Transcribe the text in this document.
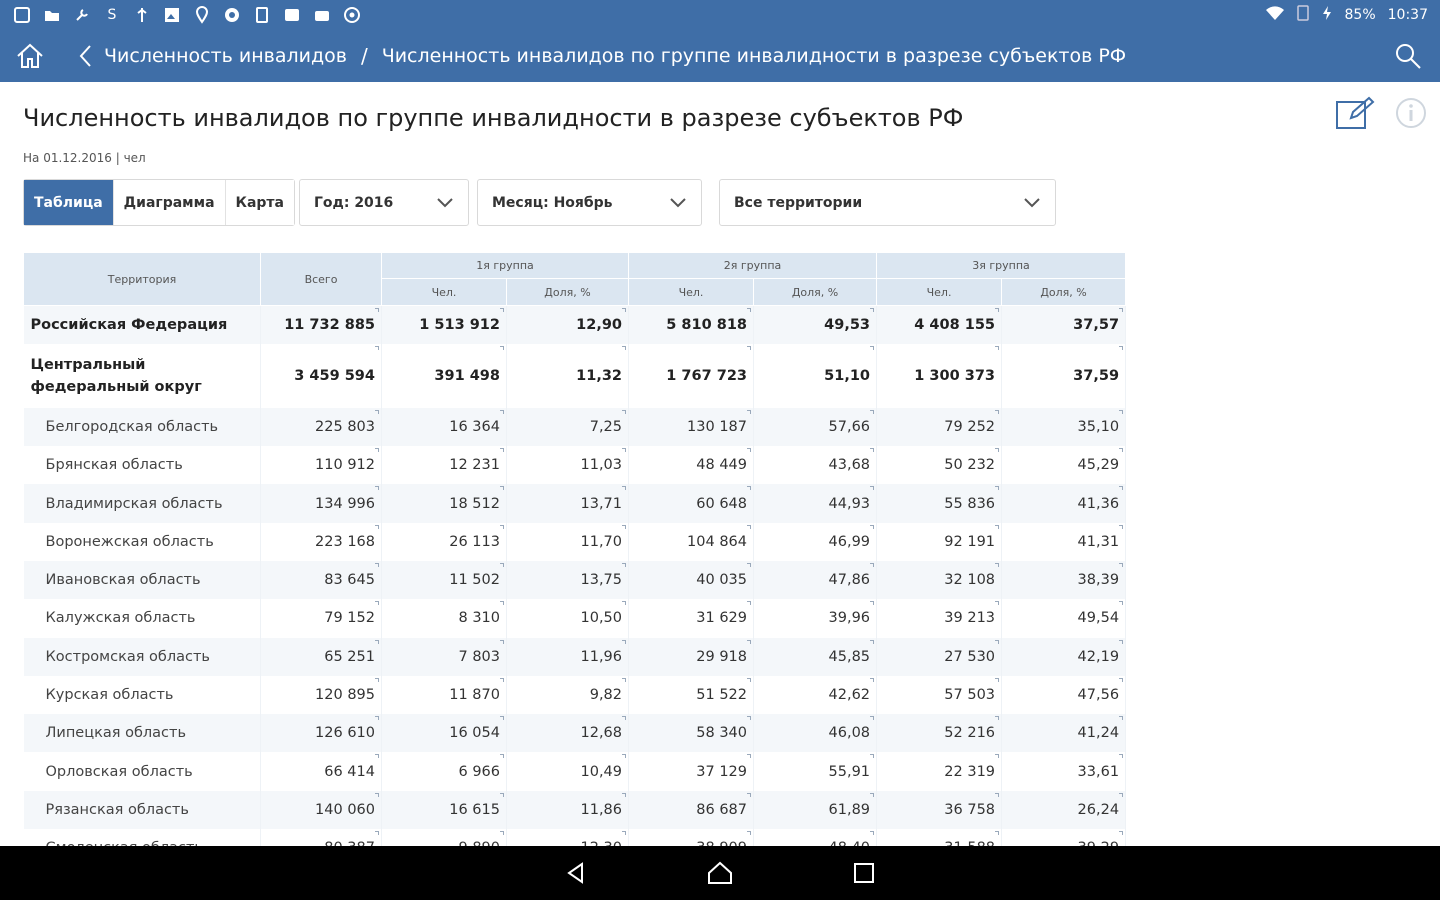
S	85% 10:37
Численность инвалидов / Численность инвалидов по группе инвалидности в разрезе субъектов РФ
Численность инвалидов по группе инвалидности в разрезе субъектов РФ
На 01.12.2016 | чел
Таблица	Диаграмма	Карта	Год: 2016	Месяц: Ноябрь	Все территории
Территория	Всего	1я группа		2я группа		3я группа	
		Чел.	Доля, %	Чел.	Доля, %	Чел.	Доля, %
Российская Федерация	11 732 885	1 513 912	12,90	5 810 818	49,53	4 408 155	37,57

Центральный федеральный округ	3 459 594	391 498	11,32	1 767 723	51,10	1 300 373	37,59

Белгородская область	225 803	16 364	7,25	130 187	57,66	79 252	35,10

Брянская область	110 912	12 231	11,03	48 449	43,68	50 232	45,29

Владимирская область	134 996	18 512	13,71	60 648	44,93	55 836	41,36

Воронежская область	223 168	26 113	11,70	104 864	46,99	92 191	41,31

Ивановская область	83 645	11 502	13,75	40 035	47,86	32 108	38,39

Калужская область	79 152	8 310	10,50	31 629	39,96	39 213	49,54

Костромская область	65 251	7 803	11,96	29 918	45,85	27 530	42,19

Курская область	120 895	11 870	9,82	51 522	42,62	57 503	47,56

Липецкая область	126 610	16 054	12,68	58 340	46,08	52 216	41,24

Орловская область	66 414	6 966	10,49	37 129	55,91	22 319	33,61

Рязанская область	140 060	16 615	11,86	86 687	61,89	36 758	26,24
